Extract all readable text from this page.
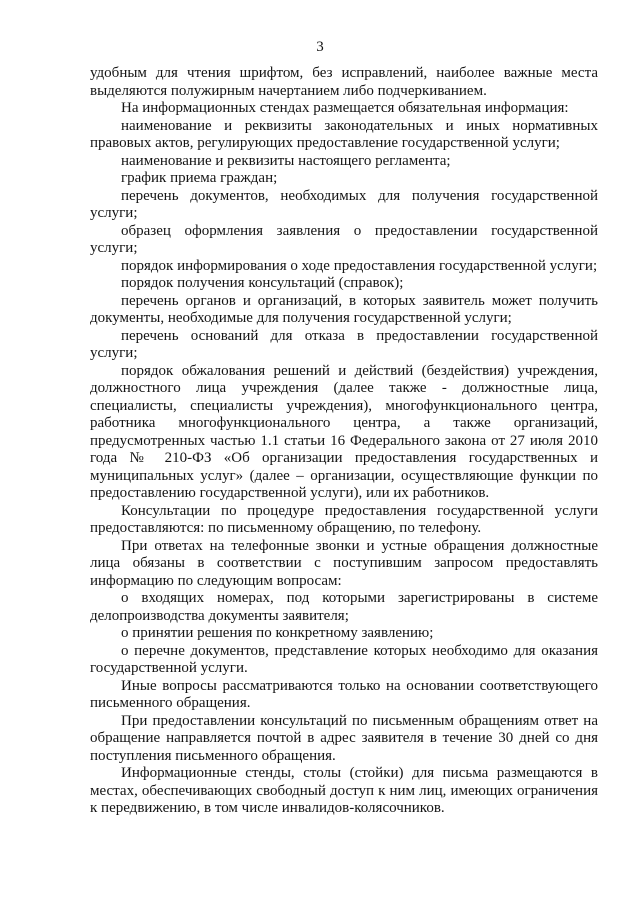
3

удобным для чтения шрифтом, без исправлений, наиболее важные места выделяются полужирным начертанием либо подчеркиванием.

На информационных стендах размещается обязательная информация:

наименование и реквизиты законодательных и иных нормативных правовых актов, регулирующих предоставление государственной услуги;

наименование и реквизиты настоящего регламента;

график приема граждан;

перечень документов, необходимых для получения государственной услуги;

образец оформления заявления о предоставлении государственной услуги;

порядок информирования о ходе предоставления государственной услуги;

порядок получения консультаций (справок);

перечень органов и организаций, в которых заявитель может получить документы, необходимые для получения государственной услуги;

перечень оснований для отказа в предоставлении государственной услуги;

порядок обжалования решений и действий (бездействия) учреждения, должностного лица учреждения (далее также - должностные лица, специалисты, специалисты учреждения), многофункционального центра, работника многофункционального центра, а также организаций, предусмотренных частью 1.1 статьи 16 Федерального закона от 27 июля 2010 года № 210-ФЗ «Об организации предоставления государственных и муниципальных услуг» (далее – организации, осуществляющие функции по предоставлению государственной услуги), или их работников.

Консультации по процедуре предоставления государственной услуги предоставляются: по письменному обращению, по телефону.

При ответах на телефонные звонки и устные обращения должностные лица обязаны в соответствии с поступившим запросом предоставлять информацию по следующим вопросам:

о входящих номерах, под которыми зарегистрированы в системе делопроизводства документы заявителя;

о принятии решения по конкретному заявлению;

о перечне документов, представление которых необходимо для оказания государственной услуги.

Иные вопросы рассматриваются только на основании соответствующего письменного обращения.

При предоставлении консультаций по письменным обращениям ответ на обращение направляется почтой в адрес заявителя в течение 30 дней со дня поступления письменного обращения.

Информационные стенды, столы (стойки) для письма размещаются в местах, обеспечивающих свободный доступ к ним лиц, имеющих ограничения к передвижению, в том числе инвалидов-колясочников.
